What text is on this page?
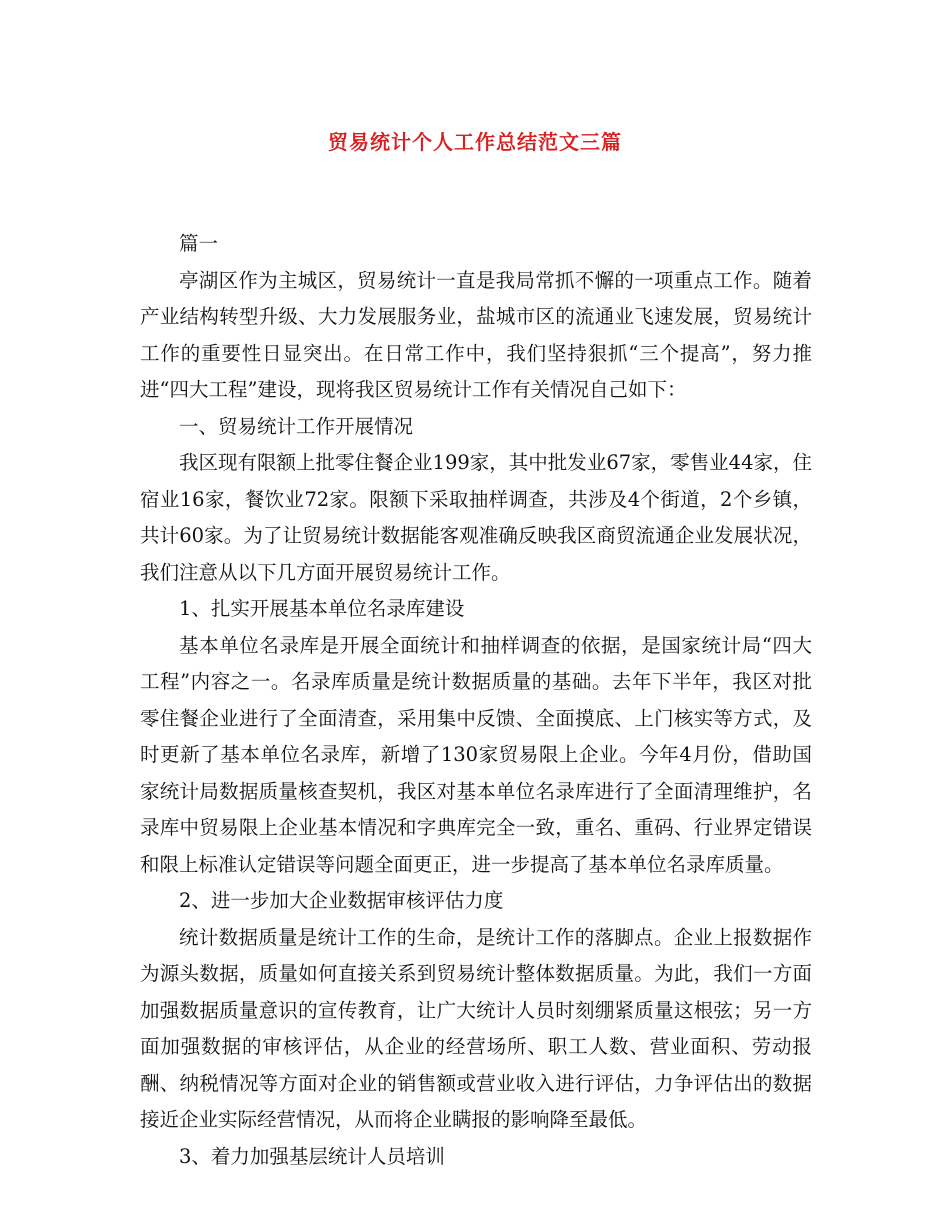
贸易统计个人工作总结范文三篇

篇一

亭湖区作为主城区，贸易统计一直是我局常抓不懈的一项重点工作。随着产业结构转型升级、大力发展服务业，盐城市区的流通业飞速发展，贸易统计工作的重要性日显突出。在日常工作中，我们坚持狠抓“三个提高”，努力推进“四大工程”建设，现将我区贸易统计工作有关情况自己如下：

一、贸易统计工作开展情况

我区现有限额上批零住餐企业199家，其中批发业67家，零售业44家，住宿业16家，餐饮业72家。限额下采取抽样调查，共涉及4个街道，2个乡镇，共计60家。为了让贸易统计数据能客观准确反映我区商贸流通企业发展状况，我们注意从以下几方面开展贸易统计工作。

1、扎实开展基本单位名录库建设

基本单位名录库是开展全面统计和抽样调查的依据，是国家统计局“四大工程”内容之一。名录库质量是统计数据质量的基础。去年下半年，我区对批零住餐企业进行了全面清查，采用集中反馈、全面摸底、上门核实等方式，及时更新了基本单位名录库，新增了130家贸易限上企业。今年4月份，借助国家统计局数据质量核查契机，我区对基本单位名录库进行了全面清理维护，名录库中贸易限上企业基本情况和字典库完全一致，重名、重码、行业界定错误和限上标准认定错误等问题全面更正，进一步提高了基本单位名录库质量。

2、进一步加大企业数据审核评估力度

统计数据质量是统计工作的生命，是统计工作的落脚点。企业上报数据作为源头数据，质量如何直接关系到贸易统计整体数据质量。为此，我们一方面加强数据质量意识的宣传教育，让广大统计人员时刻绷紧质量这根弦；另一方面加强数据的审核评估，从企业的经营场所、职工人数、营业面积、劳动报酬、纳税情况等方面对企业的销售额或营业收入进行评估，力争评估出的数据接近企业实际经营情况，从而将企业瞒报的影响降至最低。

3、着力加强基层统计人员培训
